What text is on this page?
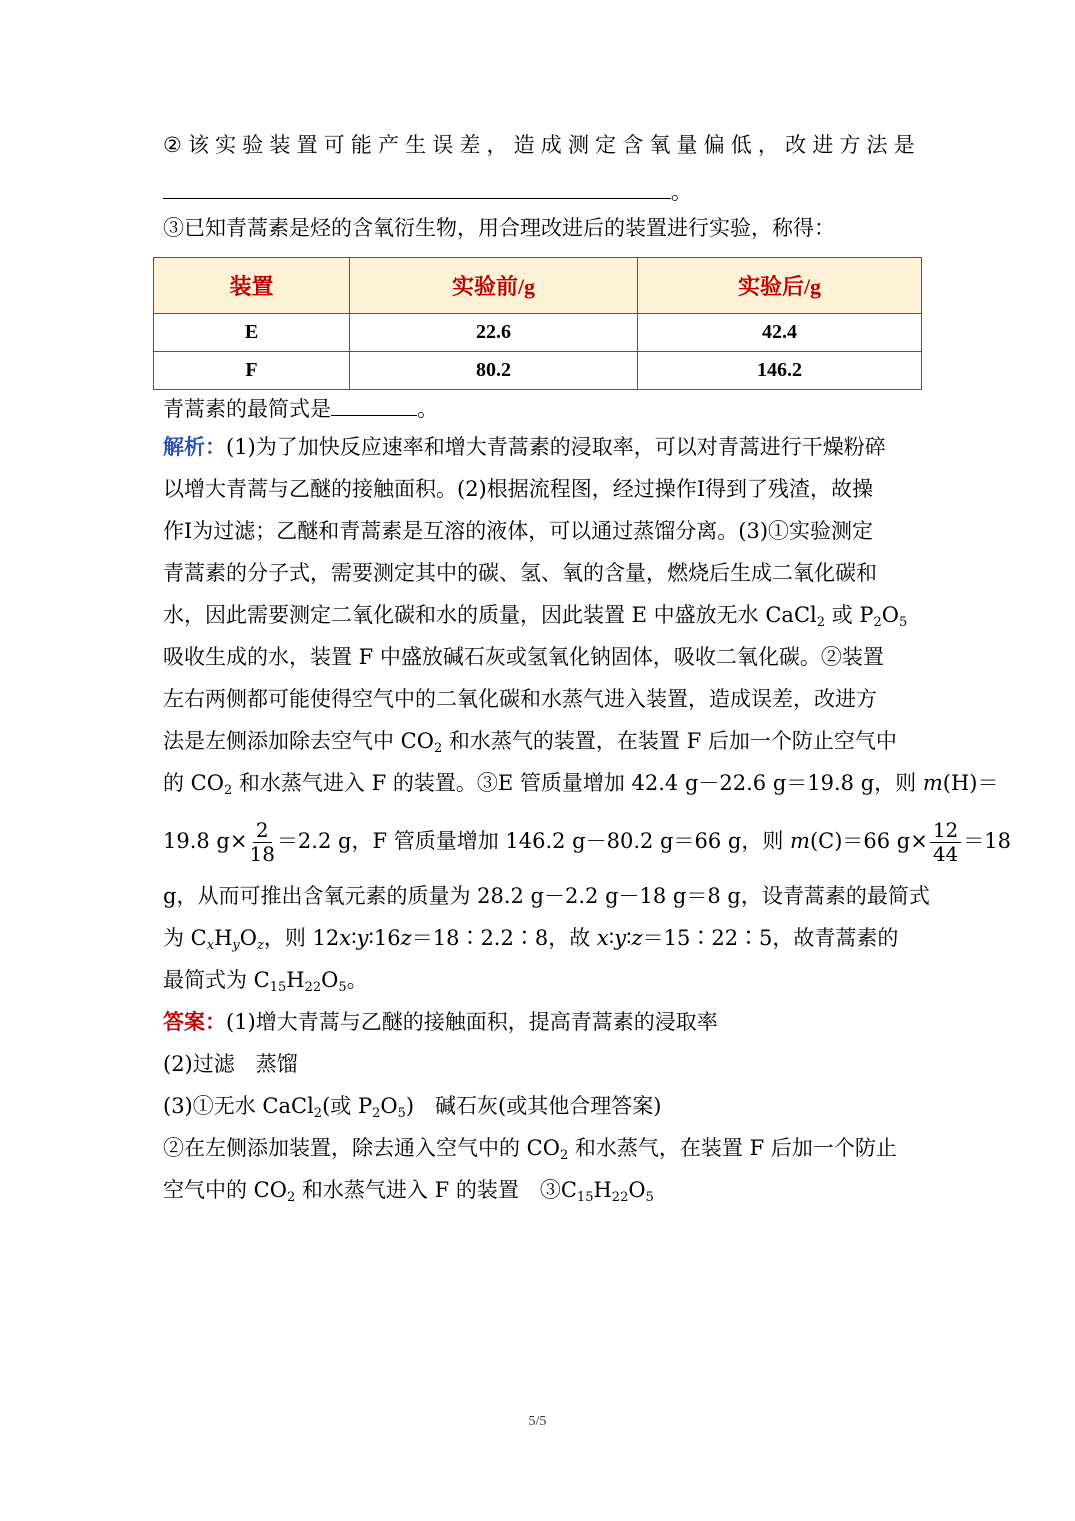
② 该 实 验 装 置 可 能 产 生 误 差 ， 造 成 测 定 含 氧 量 偏 低 ， 改 进 方 法 是
。
③已知青蒿素是烃的含氧衍生物，用合理改进后的装置进行实验，称得：
装置	实验前/g	实验后/g
E	22.6	42.4
F	80.2	146.2
青蒿素的最简式是	。
解析：(1)为了加快反应速率和增大青蒿素的浸取率，可以对青蒿进行干燥粉碎
以增大青蒿与乙醚的接触面积。(2)根据流程图，经过操作Ⅰ得到了残渣，故操
作Ⅰ为过滤；乙醚和青蒿素是互溶的液体，可以通过蒸馏分离。(3)①实验测定
青蒿素的分子式，需要测定其中的碳、氢、氧的含量，燃烧后生成二氧化碳和
水，因此需要测定二氧化碳和水的质量，因此装置 E 中盛放无水 CaCl$_2$ 或 $P_2O_5$
吸收生成的水，装置 F 中盛放碱石灰或氢氧化钠固体，吸收二氧化碳。②装置
左右两侧都可能使得空气中的二氧化碳和水蒸气进入装置，造成误差，改进方
法是左侧添加除去空气中 $CO_2$ 和水蒸气的装置，在装置 F 后加一个防止空气中
的 $CO_2$ 和水蒸气进入 F 的装置。③E 管质量增加 42.4 g－22.6 g＝19.8 g，则 m(H)＝
19.8 $g\times \frac{2}{18} =2.2$ g，F 管质量增加 146.2 g－80.2 g＝66 g，则 m(C)＝66 $g\times \frac{12}{44} =18$
g，从而可推出含氧元素的质量为 28.2 g－2.2 g－18 g＝8 g，设青蒿素的最简式
为 $C_xH_yO_z$，则 12x∶y∶16z＝18∶2.2∶8，故 x∶y∶z＝15∶22∶5，故青蒿素的
最简式为 $C_{15}H_{22}O_5$。
答案：(1)增大青蒿与乙醚的接触面积，提高青蒿素的浸取率
(2)过滤　蒸馏
(3)①无水 CaCl$_2$(或 $P_2O_5$)　碱石灰(或其他合理答案)
②在左侧添加装置，除去通入空气中的 $CO_2$ 和水蒸气，在装置 F 后加一个防止
空气中的 $CO_2$ 和水蒸气进入 F 的装置　$③C_{15}H_{22}O_5$
5/5
